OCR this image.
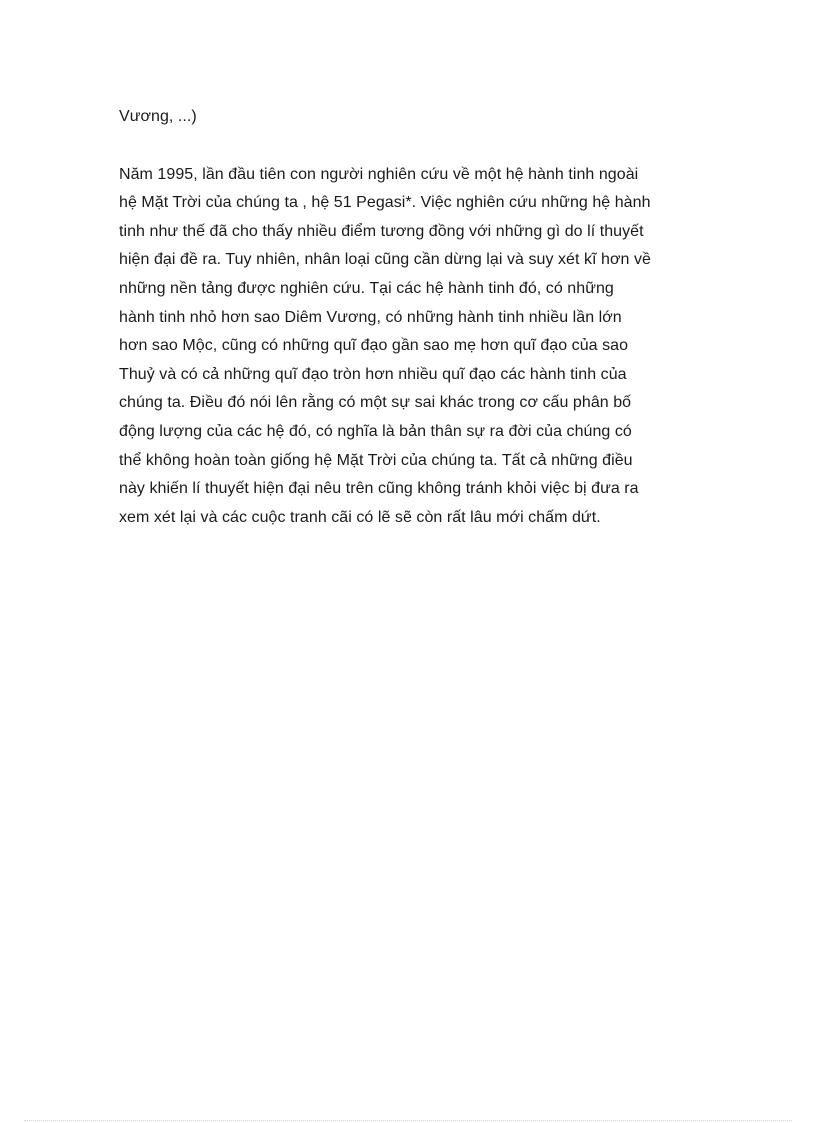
Vương, ...)
Năm 1995, lần đầu tiên con người nghiên cứu về một hệ hành tinh ngoài
hệ Mặt Trời của chúng ta , hệ 51 Pegasi*. Việc nghiên cứu những hệ hành
tinh như thế đã cho thấy nhiều điểm tương đồng với những gì do lí thuyết
hiện đại đề ra. Tuy nhiên, nhân loại cũng cần dừng lại và suy xét kĩ hơn về
những nền tảng được nghiên cứu. Tại các hệ hành tinh đó, có những
hành tinh nhỏ hơn sao Diêm Vương, có những hành tinh nhiều lần lớn
hơn sao Mộc, cũng có những quĩ đạo gần sao mẹ hơn quĩ đạo của sao
Thuỷ và có cả những quĩ đạo tròn hơn nhiều quĩ đạo các hành tinh của
chúng ta. Điều đó nói lên rằng có một sự sai khác trong cơ cấu phân bố
động lượng của các hệ đó, có nghĩa là bản thân sự ra đời của chúng có
thể không hoàn toàn giống hệ Mặt Trời của chúng ta. Tất cả những điều
này khiến lí thuyết hiện đại nêu trên cũng không tránh khỏi việc bị đưa ra
xem xét lại và các cuộc tranh cãi có lẽ sẽ còn rất lâu mới chấm dứt.
